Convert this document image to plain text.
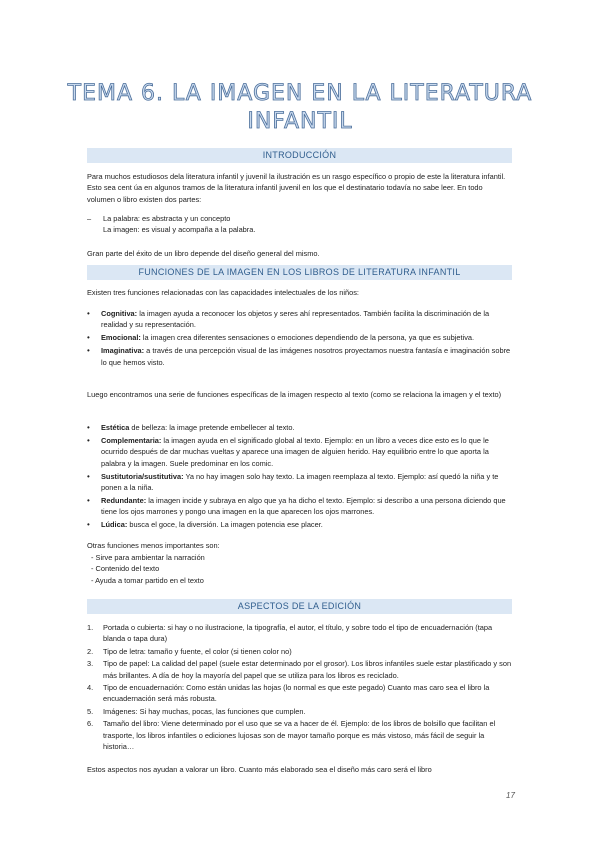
TEMA 6. LA IMAGEN EN LA LITERATURA INFANTIL
INTRODUCCIÓN

Para muchos estudiosos dela literatura infantil y juvenil la ilustración es un rasgo específico o propio de este la literatura infantil. Esto sea cent úa en algunos tramos de la literatura infantil juvenil en los que el destinatario todavía no sabe leer. En todo volumen o libro existen dos partes:

– La palabra: es abstracta y un concepto
La imagen: es visual y acompaña a la palabra.

Gran parte del éxito de un libro depende del diseño general del mismo.

FUNCIONES DE LA IMAGEN EN LOS LIBROS DE LITERATURA INFANTIL

Existen tres funciones relacionadas con las capacidades intelectuales de los niños:

• Cognitiva: la imagen ayuda a reconocer los objetos y seres ahí representados. También facilita la discriminación de la realidad y su representación.
• Emocional: la imagen crea diferentes sensaciones o emociones dependiendo de la persona, ya que es subjetiva.
• Imaginativa: a través de una percepción visual de las imágenes nosotros proyectamos nuestra fantasía e imaginación sobre lo que hemos visto.

Luego encontramos una serie de funciones específicas de la imagen respecto al texto (como se relaciona la imagen y el texto)

• Estética de belleza: la image pretende embellecer al texto.
• Complementaria: la imagen ayuda en el significado global al texto. Ejemplo: en un libro a veces dice esto es lo que le ocurrido después de dar muchas vueltas y aparece una imagen de alguien herido. Hay equilibrio entre lo que aporta la palabra y la imagen. Suele predominar en los comic.
• Sustitutoria/sustitutiva: Ya no hay imagen solo hay texto. La imagen reemplaza al texto. Ejemplo: así quedó la niña y te ponen a la niña.
• Redundante: la imagen incide y subraya en algo que ya ha dicho el texto. Ejemplo: si describo a una persona diciendo que tiene los ojos marrones y pongo una imagen en la que aparecen los ojos marrones.
• Lúdica: busca el goce, la diversión. La imagen potencia ese placer.

Otras funciones menos importantes son:

- Sirve para ambientar la narración
- Contenido del texto
- Ayuda a tomar partido en el texto
ASPECTOS DE LA EDICIÓN
1. Portada o cubierta: si hay o no ilustracione, la tipografía, el autor, el título, y sobre todo el tipo de encuadernación (tapa blanda o tapa dura)
2. Tipo de letra: tamaño y fuente, el color (si tienen color no)
3. Tipo de papel: La calidad del papel (suele estar determinado por el grosor). Los libros infantiles suele estar plastificado y son más brillantes. A día de hoy la mayoría del papel que se utiliza para los libros es reciclado.
4. Tipo de encuadernación: Como están unidas las hojas (lo normal es que este pegado) Cuanto mas caro sea el libro la encuadernación será más robusta.
5. Imágenes: Si hay muchas, pocas, las funciones que cumplen.
6. Tamaño del libro: Viene determinado por el uso que se va a hacer de él. Ejemplo: de los libros de bolsillo que facilitan el trasporte, los libros infantiles o ediciones lujosas son de mayor tamaño porque es más vistoso, más fácil de seguir la historia…

Estos aspectos nos ayudan a valorar un libro. Cuanto más elaborado sea el diseño más caro será el libro

17
